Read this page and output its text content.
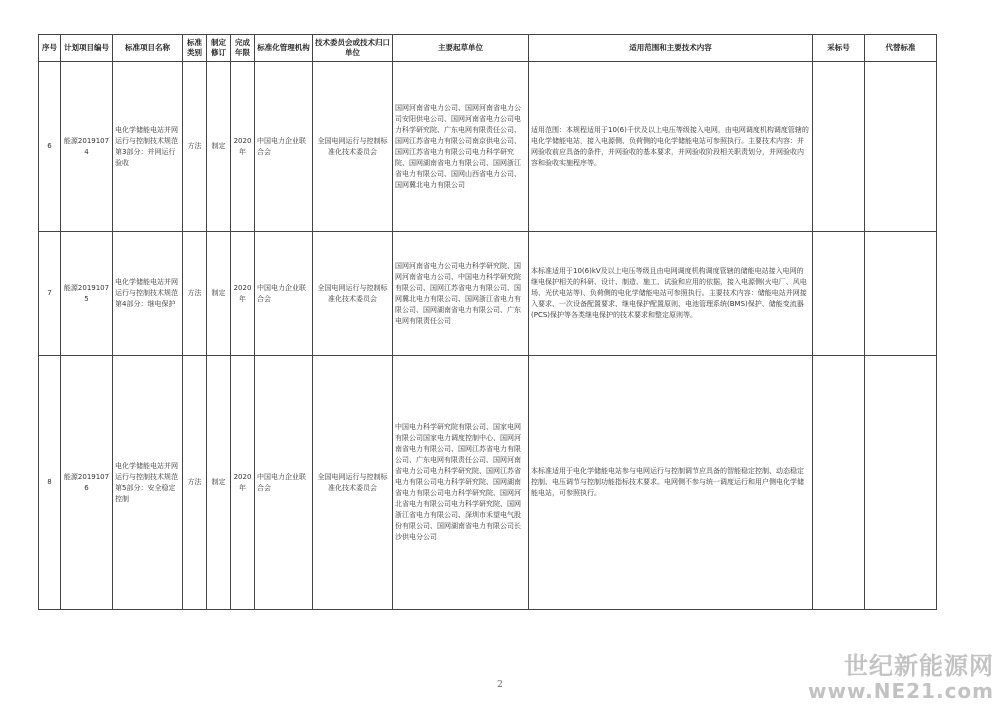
序号	计划项目编号	标准项目名称	标准类别	制定修订	完成年限	标准化管理机构	技术委员会或技术归口单位	主要起草单位	适用范围和主要技术内容	采标号	代替标准
6	能源20191074	电化学储能电站并网运行与控制技术规范第3部分：并网运行验收	方法	制定	2020年	中国电力企业联合会	全国电网运行与控制标准化技术委员会	国网河南省电力公司、国网河南省电力公司安阳供电公司、国网河南省电力公司电力科学研究院、广东电网有限责任公司、国网江苏省电力有限公司南京供电公司、国网江苏省电力有限公司电力科学研究院、国网湖南省电力有限公司、国网浙江省电力有限公司、国网山西省电力公司、国网冀北电力有限公司	适用范围：本规程适用于10(6)千伏及以上电压等级接入电网，由电网调度机构调度管辖的电化学储能电站，接入电源侧、负荷侧的电化学储能电站可参照执行。主要技术内容：并网验收前应具备的条件，并网验收的基本要求，并网验收阶段相关职责划分，并网验收内容和验收实施程序等。		
7	能源20191075	电化学储能电站并网运行与控制技术规范第4部分：继电保护	方法	制定	2020年	中国电力企业联合会	全国电网运行与控制标准化技术委员会	国网河南省电力公司电力科学研究院、国网河南省电力公司、中国电力科学研究院有限公司、国网江苏省电力有限公司、国网冀北电力有限公司、国网浙江省电力有限公司、国网湖南省电力有限公司、广东电网有限责任公司	本标准适用于10(6)kV及以上电压等级且由电网调度机构调度管辖的储能电站接入电网的继电保护相关的科研、设计、制造、施工、试验和应用的依据，接入电源侧(火电厂、风电场、光伏电站等)、负荷侧的电化学储能电站可参照执行。主要技术内容：储能电站并网接入要求、一次设备配置要求、继电保护配置原则、电池管理系统(BMS)保护、储能变流器(PCS)保护等各类继电保护的技术要求和整定原则等。		
8	能源20191076	电化学储能电站并网运行与控制技术规范第5部分：安全稳定控制	方法	制定	2020年	中国电力企业联合会	全国电网运行与控制标准化技术委员会	中国电力科学研究院有限公司、国家电网有限公司国家电力调度控制中心、国网河南省电力有限公司、国网江苏省电力有限公司、广东电网有限责任公司、国网河南省电力公司电力科学研究院、国网江苏省电力有限公司电力科学研究院、国网湖南省电力有限公司电力科学研究院、国网河北省电力有限公司电力科学研究院、国网浙江省电力有限公司、深圳市禾望电气股份有限公司、国网湖南省电力有限公司长沙供电分公司	本标准适用于电化学储能电站参与电网运行与控制调节应具备的智能稳定控制、动态稳定控制、电压调节与控制功能指标技术要求。电网侧不参与统一调度运行和用户侧电化学储能电站，可参照执行。		
2
世纪新能源网
www.NE21.com
